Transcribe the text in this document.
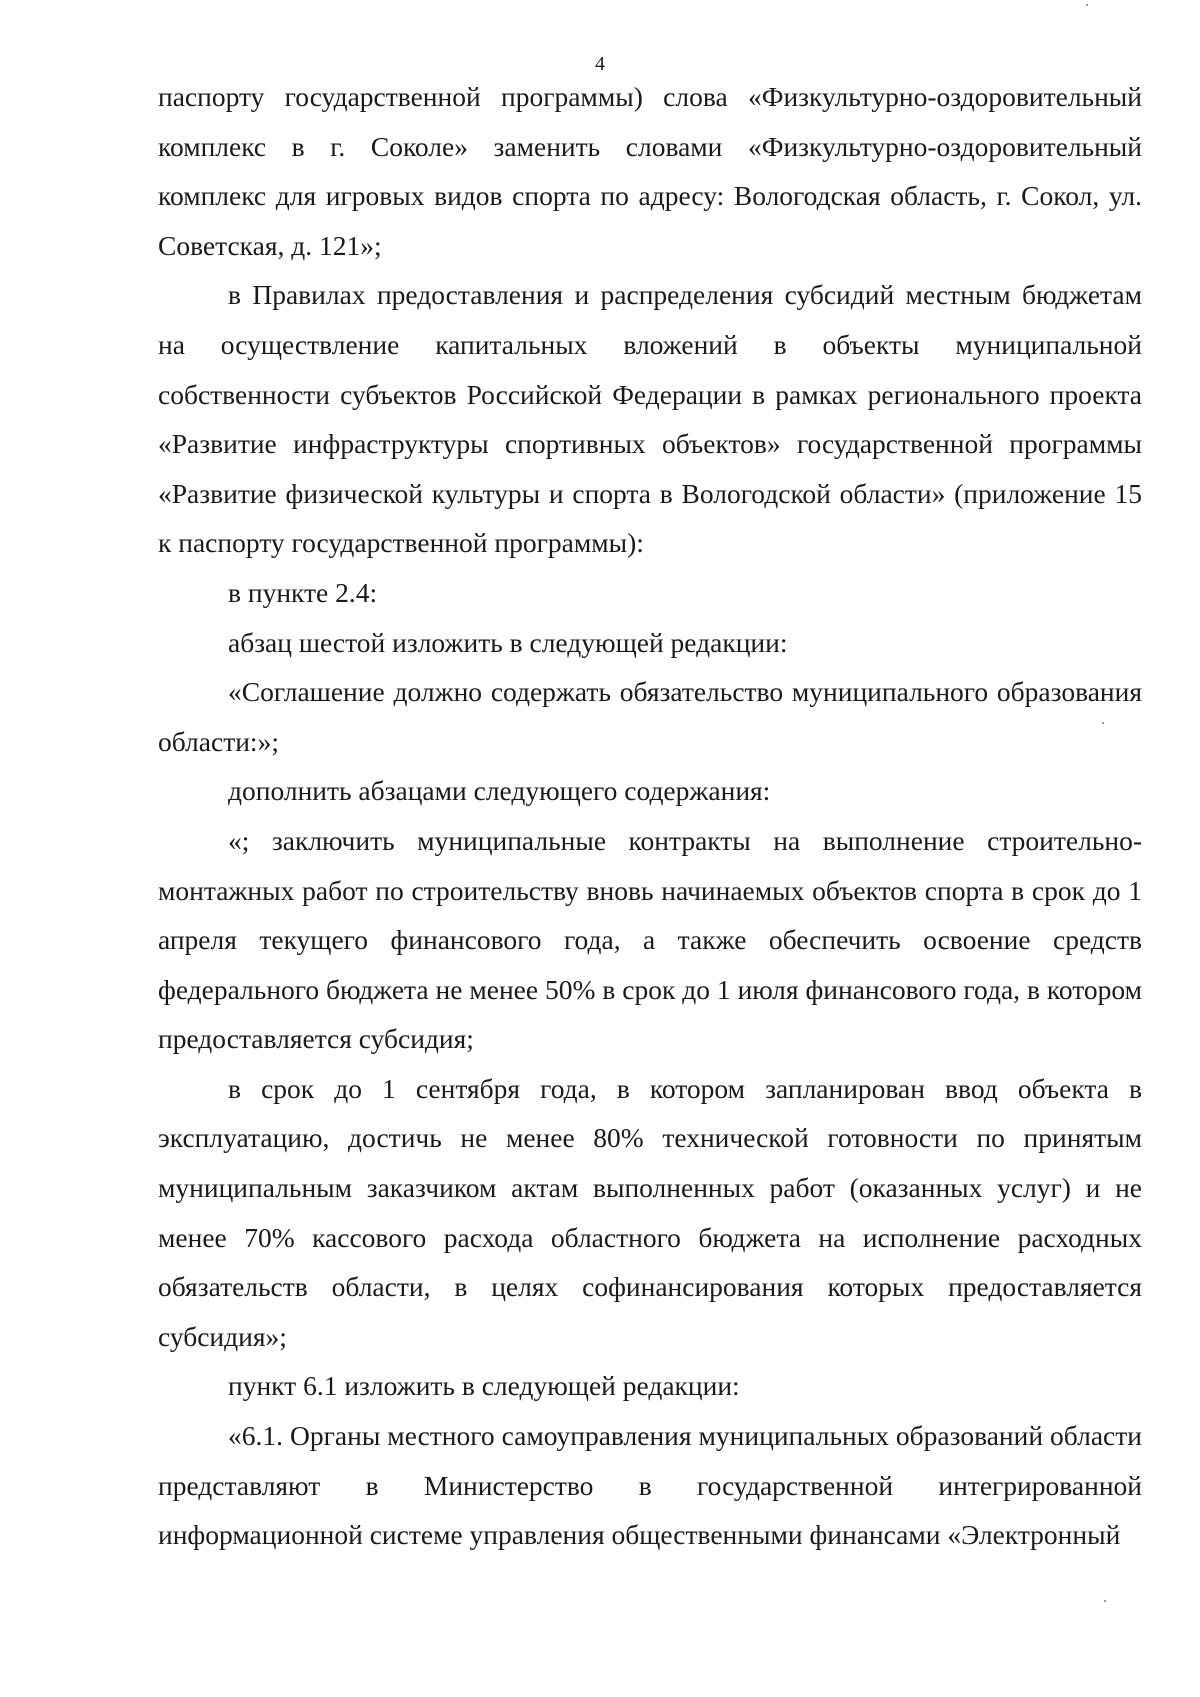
4

паспорту государственной программы) слова «Физкультурно-оздоровительный комплекс в г. Соколе» заменить словами «Физкультурно-оздоровительный комплекс для игровых видов спорта по адресу: Вологодская область, г. Сокол, ул. Советская, д. 121»;

в Правилах предоставления и распределения субсидий местным бюджетам на осуществление капитальных вложений в объекты муниципальной собственности субъектов Российской Федерации в рамках регионального проекта «Развитие инфраструктуры спортивных объектов» государственной программы «Развитие физической культуры и спорта в Вологодской области» (приложение 15 к паспорту государственной программы):

в пункте 2.4:

абзац шестой изложить в следующей редакции:

«Соглашение должно содержать обязательство муниципального образования области:»;

дополнить абзацами следующего содержания:

«; заключить муниципальные контракты на выполнение строительно-монтажных работ по строительству вновь начинаемых объектов спорта в срок до 1 апреля текущего финансового года, а также обеспечить освоение средств федерального бюджета не менее 50% в срок до 1 июля финансового года, в котором предоставляется субсидия;

в срок до 1 сентября года, в котором запланирован ввод объекта в эксплуатацию, достичь не менее 80% технической готовности по принятым муниципальным заказчиком актам выполненных работ (оказанных услуг) и не менее 70% кассового расхода областного бюджета на исполнение расходных обязательств области, в целях софинансирования которых предоставляется субсидия»;

пункт 6.1 изложить в следующей редакции:

«6.1. Органы местного самоуправления муниципальных образований области представляют в Министерство в государственной интегрированной информационной системе управления общественными финансами «Электронный
